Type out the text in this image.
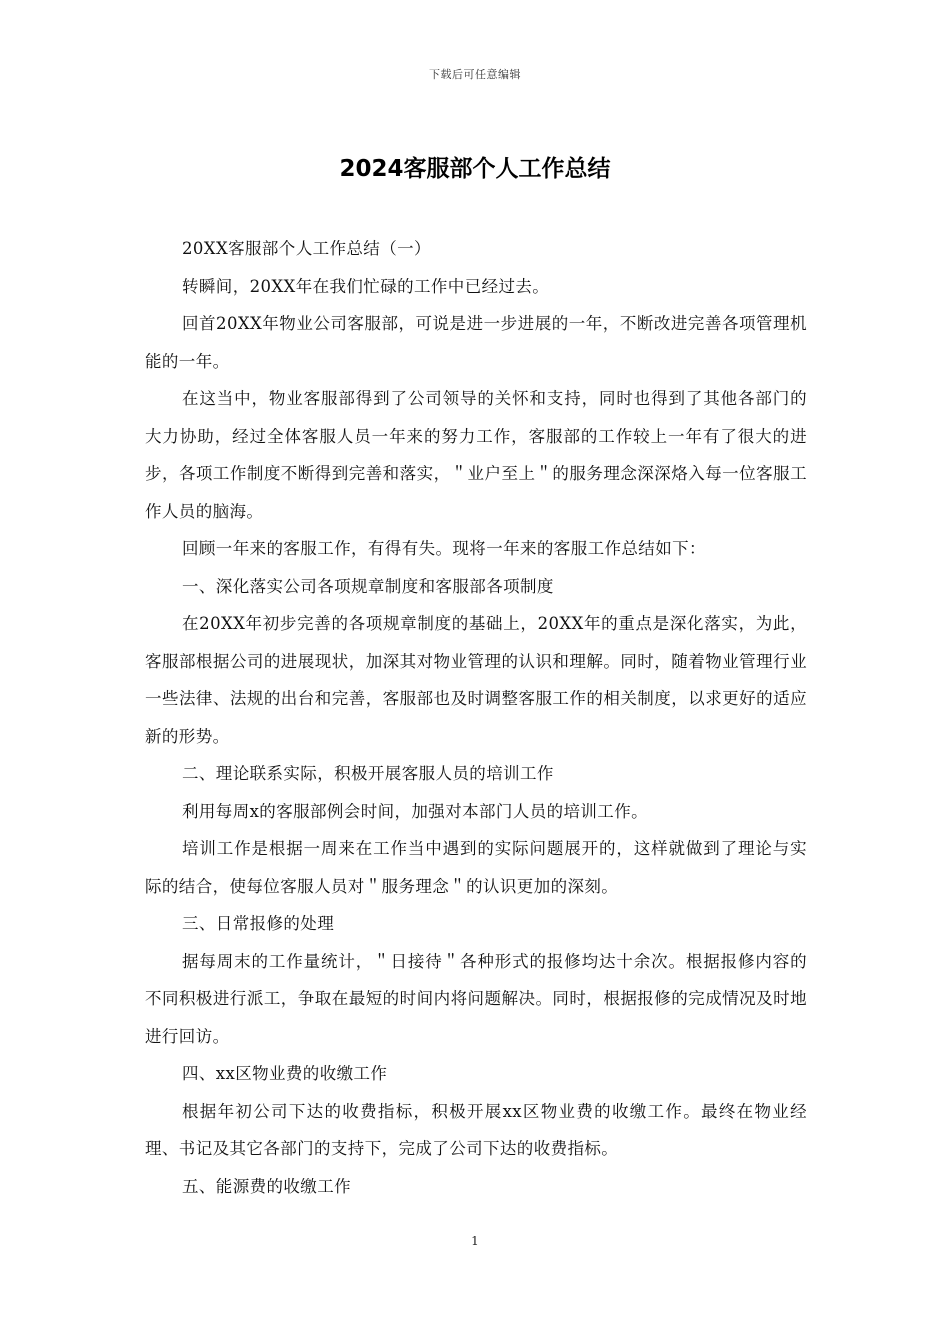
下载后可任意编辑
2024客服部个人工作总结

20XX客服部个人工作总结（一）

转瞬间，20XX年在我们忙碌的工作中已经过去。

回首20XX年物业公司客服部，可说是进一步进展的一年，不断改进完善各项管理机能的一年。

在这当中，物业客服部得到了公司领导的关怀和支持，同时也得到了其他各部门的大力协助，经过全体客服人员一年来的努力工作，客服部的工作较上一年有了很大的进步，各项工作制度不断得到完善和落实，＂业户至上＂的服务理念深深烙入每一位客服工作人员的脑海。

回顾一年来的客服工作，有得有失。现将一年来的客服工作总结如下：

一、深化落实公司各项规章制度和客服部各项制度

在20XX年初步完善的各项规章制度的基础上，20XX年的重点是深化落实，为此，客服部根据公司的进展现状，加深其对物业管理的认识和理解。同时，随着物业管理行业一些法律、法规的出台和完善，客服部也及时调整客服工作的相关制度，以求更好的适应新的形势。

二、理论联系实际，积极开展客服人员的培训工作

利用每周x的客服部例会时间，加强对本部门人员的培训工作。

培训工作是根据一周来在工作当中遇到的实际问题展开的，这样就做到了理论与实际的结合，使每位客服人员对＂服务理念＂的认识更加的深刻。

三、日常报修的处理

据每周末的工作量统计，＂日接待＂各种形式的报修均达十余次。根据报修内容的不同积极进行派工，争取在最短的时间内将问题解决。同时，根据报修的完成情况及时地进行回访。

四、xx区物业费的收缴工作

根据年初公司下达的收费指标，积极开展xx区物业费的收缴工作。最终在物业经理、书记及其它各部门的支持下，完成了公司下达的收费指标。

五、能源费的收缴工作

1
